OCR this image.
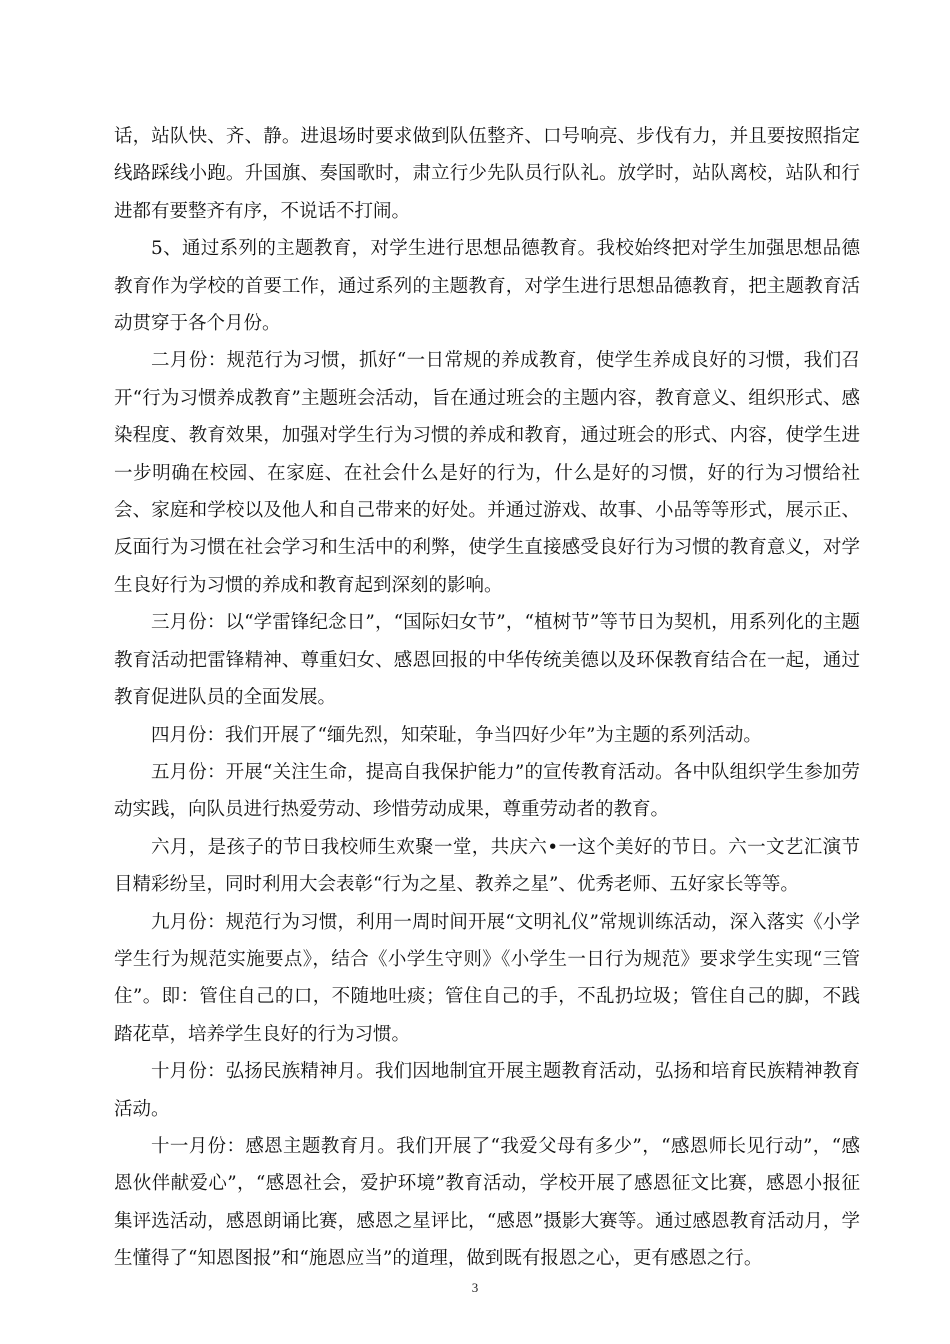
话，站队快、齐、静。进退场时要求做到队伍整齐、口号响亮、步伐有力，并且要按照指定线路踩线小跑。升国旗、奏国歌时，肃立行少先队员行队礼。放学时，站队离校，站队和行进都有要整齐有序，不说话不打闹。

5、通过系列的主题教育，对学生进行思想品德教育。我校始终把对学生加强思想品德教育作为学校的首要工作，通过系列的主题教育，对学生进行思想品德教育，把主题教育活动贯穿于各个月份。

二月份：规范行为习惯，抓好“一日常规的养成教育，使学生养成良好的习惯，我们召开“行为习惯养成教育”主题班会活动，旨在通过班会的主题内容，教育意义、组织形式、感染程度、教育效果，加强对学生行为习惯的养成和教育，通过班会的形式、内容，使学生进一步明确在校园、在家庭、在社会什么是好的行为，什么是好的习惯，好的行为习惯给社会、家庭和学校以及他人和自己带来的好处。并通过游戏、故事、小品等等形式，展示正、反面行为习惯在社会学习和生活中的利弊，使学生直接感受良好行为习惯的教育意义，对学生良好行为习惯的养成和教育起到深刻的影响。

三月份：以“学雷锋纪念日”，“国际妇女节”，“植树节”等节日为契机，用系列化的主题教育活动把雷锋精神、尊重妇女、感恩回报的中华传统美德以及环保教育结合在一起，通过教育促进队员的全面发展。

四月份：我们开展了“缅先烈，知荣耻，争当四好少年”为主题的系列活动。

五月份：开展“关注生命，提高自我保护能力”的宣传教育活动。各中队组织学生参加劳动实践，向队员进行热爱劳动、珍惜劳动成果，尊重劳动者的教育。

六月，是孩子的节日我校师生欢聚一堂，共庆六•一这个美好的节日。六一文艺汇演节目精彩纷呈，同时利用大会表彰“行为之星、教养之星”、优秀老师、五好家长等等。

九月份：规范行为习惯，利用一周时间开展“文明礼仪”常规训练活动，深入落实《小学学生行为规范实施要点》，结合《小学生守则》《小学生一日行为规范》要求学生实现“三管住”。即：管住自己的口，不随地吐痰；管住自己的手，不乱扔垃圾；管住自己的脚，不践踏花草，培养学生良好的行为习惯。

十月份：弘扬民族精神月。我们因地制宜开展主题教育活动，弘扬和培育民族精神教育活动。

十一月份：感恩主题教育月。我们开展了“我爱父母有多少”，“感恩师长见行动”，“感恩伙伴献爱心”，“感恩社会，爱护环境”教育活动，学校开展了感恩征文比赛，感恩小报征集评选活动，感恩朗诵比赛，感恩之星评比，“感恩”摄影大赛等。通过感恩教育活动月，学生懂得了“知恩图报”和“施恩应当”的道理，做到既有报恩之心，更有感恩之行。

3
